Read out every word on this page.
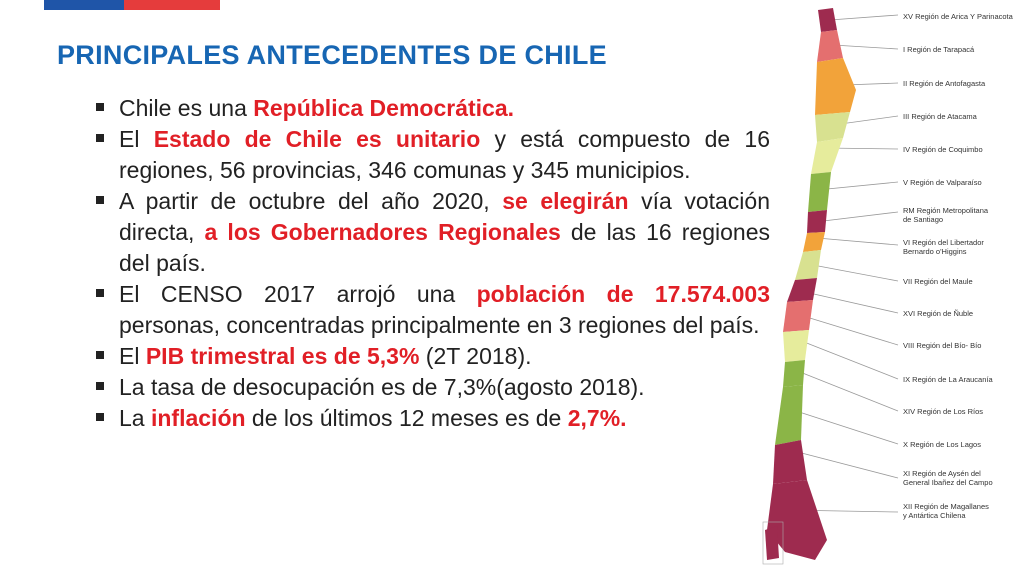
PRINCIPALES ANTECEDENTES DE CHILE
Chile es una República Democrática.
El Estado de Chile es unitario y está compuesto de 16 regiones, 56 provincias, 346 comunas y 345 municipios.
A partir de octubre del año 2020, se elegirán vía votación directa, a los Gobernadores Regionales de las 16 regiones del país.
El CENSO 2017 arrojó una población de 17.574.003 personas, concentradas principalmente en 3 regiones del país.
El PIB trimestral es de 5,3% (2T 2018).
La tasa de desocupación es de 7,3%(agosto 2018).
La inflación de los últimos 12 meses es de 2,7%.
XV Región de Arica Y Parinacota
I Región de Tarapacá
II Región de Antofagasta
III Región de Atacama
IV Región de Coquimbo
V Región de Valparaíso
RM Región Metropolitana
de Santiago
VI Región del Libertador
Bernardo o'Higgins
VII Región del Maule
XVI Región de Ñuble
VIII Región del Bío- Bío
IX Región de La Araucanía
XIV Región de Los Ríos
X Región de Los Lagos
XI Región de Aysén del
General Ibañez del Campo
XII Región de Magallanes
y Antártica Chilena
